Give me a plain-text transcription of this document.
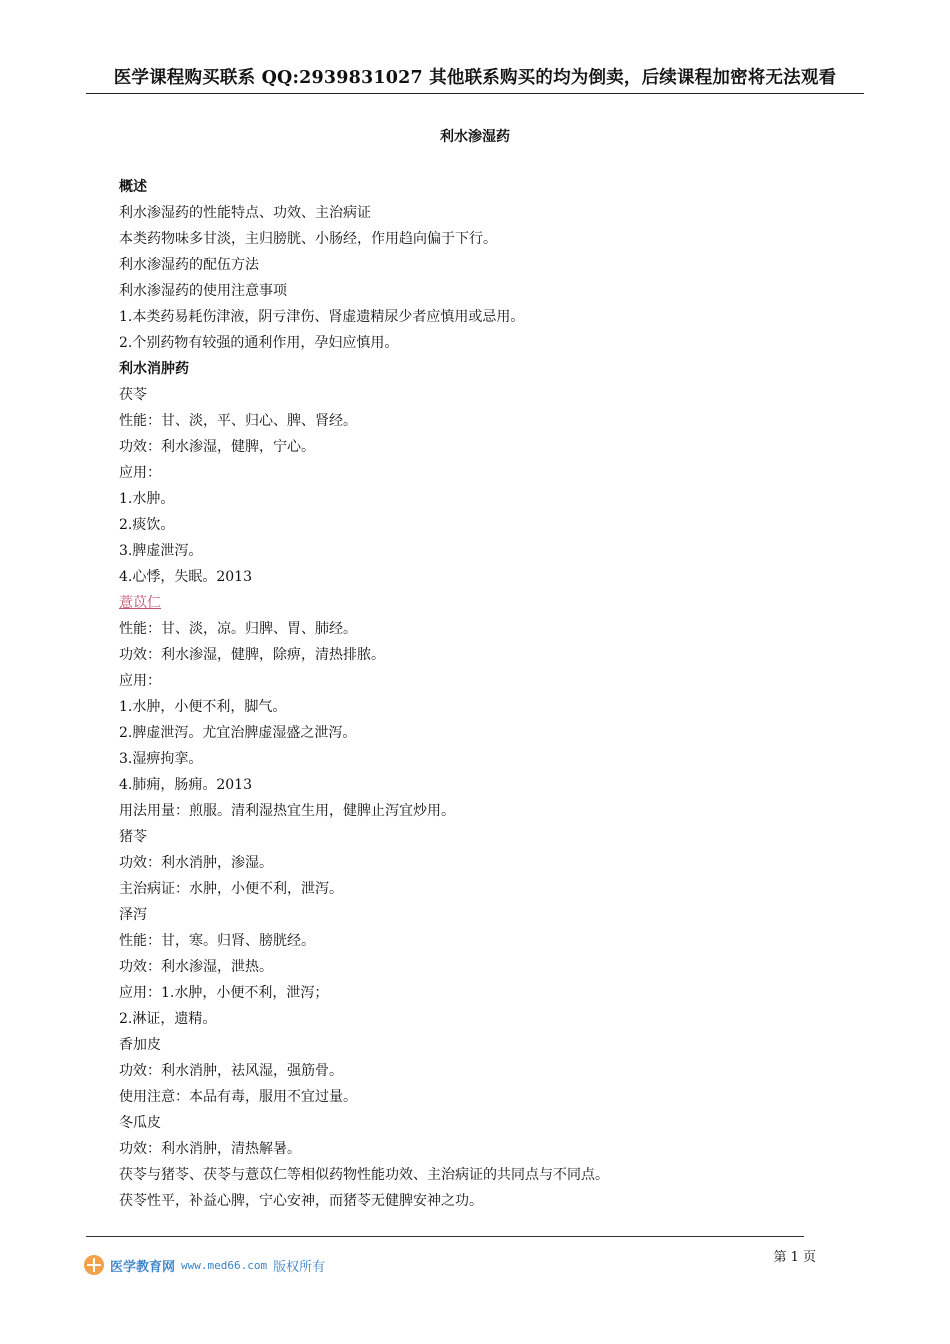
医学课程购买联系 QQ:2939831027 其他联系购买的均为倒卖，后续课程加密将无法观看
利水渗湿药
概述
利水渗湿药的性能特点、功效、主治病证
本类药物味多甘淡，主归膀胱、小肠经，作用趋向偏于下行。
利水渗湿药的配伍方法
利水渗湿药的使用注意事项
1.本类药易耗伤津液，阴亏津伤、肾虚遗精尿少者应慎用或忌用。
2.个别药物有较强的通利作用，孕妇应慎用。
利水消肿药
茯苓
性能：甘、淡，平、归心、脾、肾经。
功效：利水渗湿，健脾，宁心。
应用：
1.水肿。
2.痰饮。
3.脾虚泄泻。
4.心悸，失眠。2013
薏苡仁
性能：甘、淡，凉。归脾、胃、肺经。
功效：利水渗湿，健脾，除痹，清热排脓。
应用：
1.水肿，小便不利，脚气。
2.脾虚泄泻。尤宜治脾虚湿盛之泄泻。
3.湿痹拘挛。
4.肺痈，肠痈。2013
用法用量：煎服。清利湿热宜生用，健脾止泻宜炒用。
猪苓
功效：利水消肿，渗湿。
主治病证：水肿，小便不利，泄泻。
泽泻
性能：甘，寒。归肾、膀胱经。
功效：利水渗湿，泄热。
应用：1.水肿，小便不利，泄泻；
2.淋证，遗精。
香加皮
功效：利水消肿，祛风湿，强筋骨。
使用注意：本品有毒，服用不宜过量。
冬瓜皮
功效：利水消肿，清热解暑。
茯苓与猪苓、茯苓与薏苡仁等相似药物性能功效、主治病证的共同点与不同点。
茯苓性平，补益心脾，宁心安神，而猪苓无健脾安神之功。
医学教育网 www.med66.com 版权所有
第 1 页
